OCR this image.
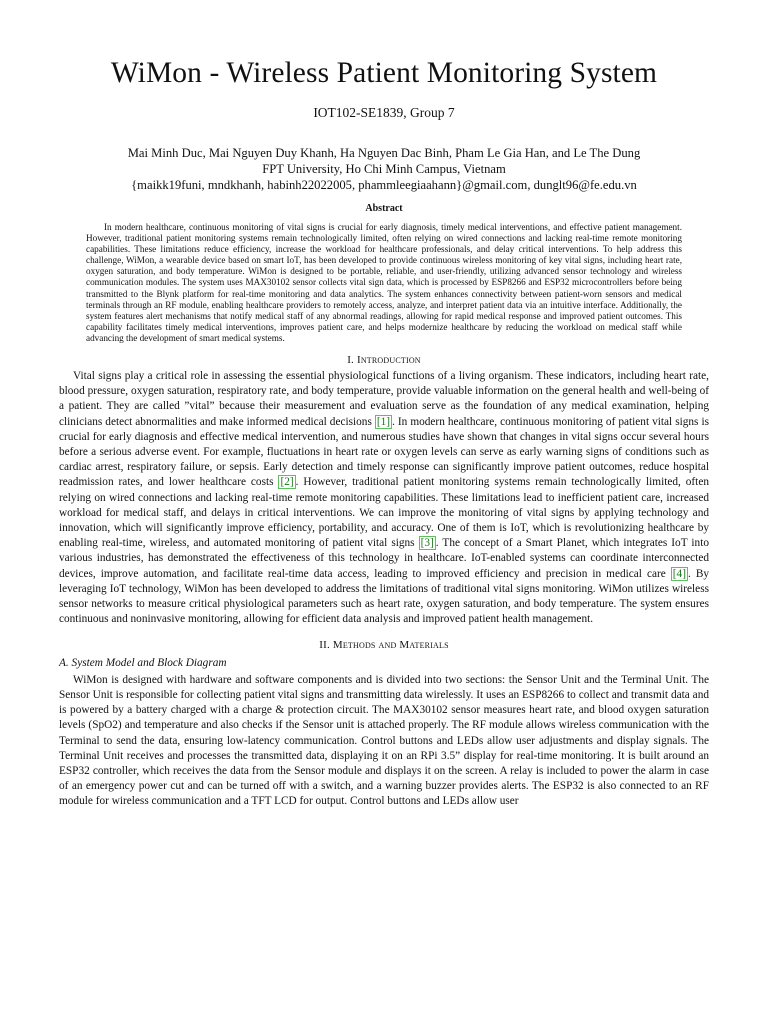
WiMon - Wireless Patient Monitoring System
IOT102-SE1839, Group 7
Mai Minh Duc, Mai Nguyen Duy Khanh, Ha Nguyen Dac Binh, Pham Le Gia Han, and Le The Dung
FPT University, Ho Chi Minh Campus, Vietnam
{maikk19funi, mndkhanh, habinh22022005, phammleegiaahann}@gmail.com, dunglt96@fe.edu.vn
Abstract

In modern healthcare, continuous monitoring of vital signs is crucial for early diagnosis, timely medical interventions, and effective patient management. However, traditional patient monitoring systems remain technologically limited, often relying on wired connections and lacking real-time remote monitoring capabilities. These limitations reduce efficiency, increase the workload for healthcare professionals, and delay critical interventions. To help address this challenge, WiMon, a wearable device based on smart IoT, has been developed to provide continuous wireless monitoring of key vital signs, including heart rate, oxygen saturation, and body temperature. WiMon is designed to be portable, reliable, and user-friendly, utilizing advanced sensor technology and wireless communication modules. The system uses MAX30102 sensor collects vital sign data, which is processed by ESP8266 and ESP32 microcontrollers before being transmitted to the Blynk platform for real-time monitoring and data analytics. The system enhances connectivity between patient-worn sensors and medical terminals through an RF module, enabling healthcare providers to remotely access, analyze, and interpret patient data via an intuitive interface. Additionally, the system features alert mechanisms that notify medical staff of any abnormal readings, allowing for rapid medical response and improved patient outcomes. This capability facilitates timely medical interventions, improves patient care, and helps modernize healthcare by reducing the workload on medical staff while advancing the development of smart medical systems.

I. Introduction

Vital signs play a critical role in assessing the essential physiological functions of a living organism. These indicators, including heart rate, blood pressure, oxygen saturation, respiratory rate, and body temperature, provide valuable information on the general health and well-being of a patient. They are called ”vital” because their measurement and evaluation serve as the foundation of any medical examination, helping clinicians detect abnormalities and make informed medical decisions [1] . In modern healthcare, continuous monitoring of patient vital signs is crucial for early diagnosis and effective medical intervention, and numerous studies have shown that changes in vital signs occur several hours before a serious adverse event. For example, fluctuations in heart rate or oxygen levels can serve as early warning signs of conditions such as cardiac arrest, respiratory failure, or sepsis. Early detection and timely response can significantly improve patient outcomes, reduce hospital readmission rates, and lower healthcare costs [2] . However, traditional patient monitoring systems remain technologically limited, often relying on wired connections and lacking real-time remote monitoring capabilities. These limitations lead to inefficient patient care, increased workload for medical staff, and delays in critical interventions. We can improve the monitoring of vital signs by applying technology and innovation, which will significantly improve efficiency, portability, and accuracy. One of them is IoT, which is revolutionizing healthcare by enabling real-time, wireless, and automated monitoring of patient vital signs [3] . The concept of a Smart Planet, which integrates IoT into various industries, has demonstrated the effectiveness of this technology in healthcare. IoT-enabled systems can coordinate interconnected devices, improve automation, and facilitate real-time data access, leading to improved efficiency and precision in medical care [4] . By leveraging IoT technology, WiMon has been developed to address the limitations of traditional vital signs monitoring. WiMon utilizes wireless sensor networks to measure critical physiological parameters such as heart rate, oxygen saturation, and body temperature. The system ensures continuous and noninvasive monitoring, allowing for efficient data analysis and improved patient health management.

II. Methods and Materials
A. System Model and Block Diagram

WiMon is designed with hardware and software components and is divided into two sections: the Sensor Unit and the Terminal Unit. The Sensor Unit is responsible for collecting patient vital signs and transmitting data wirelessly. It uses an ESP8266 to collect and transmit data and is powered by a battery charged with a charge & protection circuit. The MAX30102 sensor measures heart rate, and blood oxygen saturation levels (SpO2) and temperature and also checks if the Sensor unit is attached properly. The RF module allows wireless communication with the Terminal to send the data, ensuring low-latency communication. Control buttons and LEDs allow user adjustments and display signals. The Terminal Unit receives and processes the transmitted data, displaying it on an RPi 3.5” display for real-time monitoring. It is built around an ESP32 controller, which receives the data from the Sensor module and displays it on the screen. A relay is included to power the alarm in case of an emergency power cut and can be turned off with a switch, and a warning buzzer provides alerts. The ESP32 is also connected to an RF module for wireless communication and a TFT LCD for output. Control buttons and LEDs allow user
